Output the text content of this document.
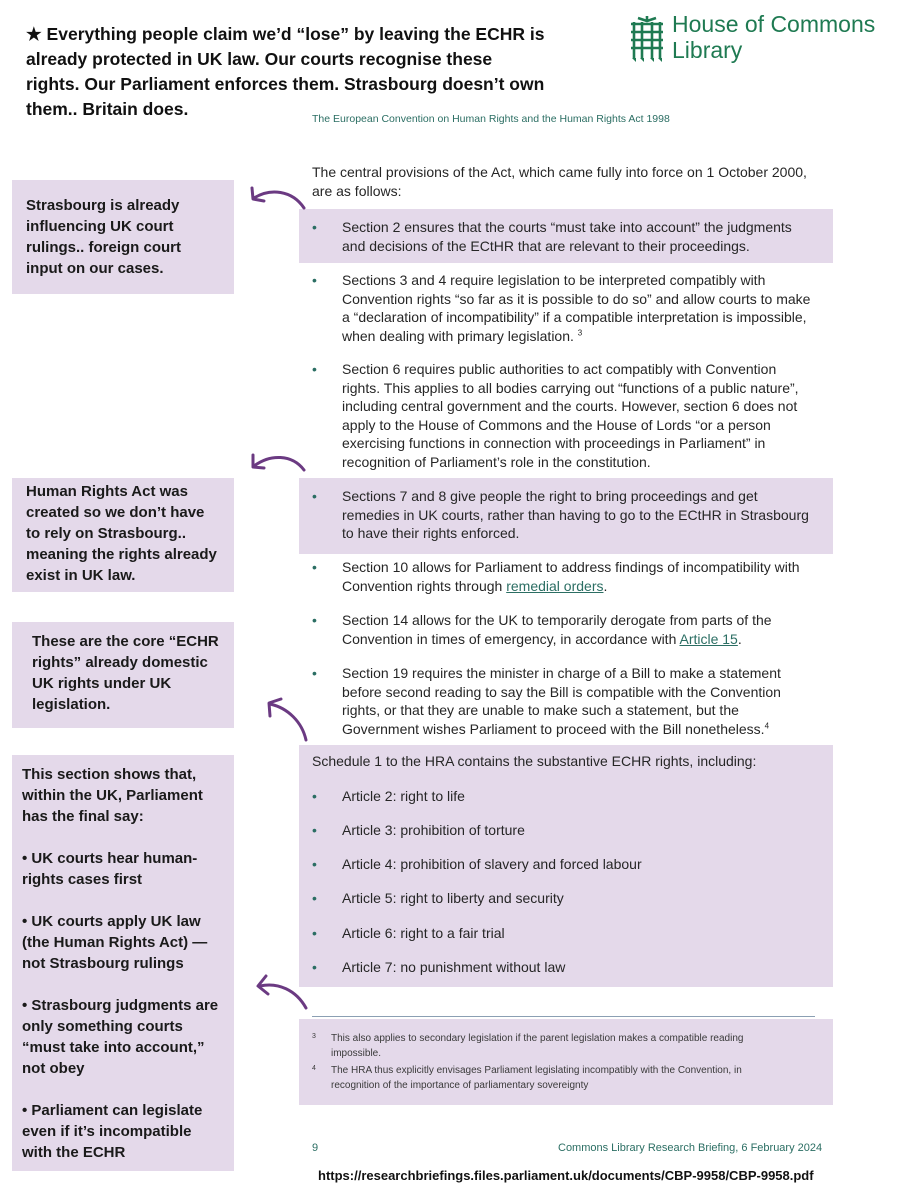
★ Everything people claim we’d “lose” by leaving the ECHR is already protected in UK law. Our courts recognise these rights. Our Parliament enforces them. Strasbourg doesn’t own them.. Britain does.
House of Commons
Library
The European Convention on Human Rights and the Human Rights Act 1998
The central provisions of the Act, which came fully into force on 1 October 2000, are as follows:
•	Section 2 ensures that the courts “must take into account” the judgments and decisions of the ECtHR that are relevant to their proceedings.
•	Sections 3 and 4 require legislation to be interpreted compatibly with Convention rights “so far as it is possible to do so” and allow courts to make a “declaration of incompatibility” if a compatible interpretation is impossible, when dealing with primary legislation. $^3$
•	Section 6 requires public authorities to act compatibly with Convention rights. This applies to all bodies carrying out “functions of a public nature”, including central government and the courts. However, section 6 does not apply to the House of Commons and the House of Lords “or a person exercising functions in connection with proceedings in Parliament” in recognition of Parliament’s role in the constitution.
•	Sections 7 and 8 give people the right to bring proceedings and get remedies in UK courts, rather than having to go to the ECtHR in Strasbourg to have their rights enforced.
•	Section 10 allows for Parliament to address findings of incompatibility with Convention rights through remedial orders.
•	Section 14 allows for the UK to temporarily derogate from parts of the Convention in times of emergency, in accordance with Article 15.
•	Section 19 requires the minister in charge of a Bill to make a statement before second reading to say the Bill is compatible with the Convention rights, or that they are unable to make such a statement, but the Government wishes Parliament to proceed with the Bill nonetheless.$^4$
Schedule 1 to the HRA contains the substantive ECHR rights, including:
• Article 2: right to life
• Article 3: prohibition of torture
• Article 4: prohibition of slavery and forced labour
• Article 5: right to liberty and security
• Article 6: right to a fair trial
• Article 7: no punishment without law
3	This also applies to secondary legislation if the parent legislation makes a compatible reading impossible.
4	The HRA thus explicitly envisages Parliament legislating incompatibly with the Convention, in recognition of the importance of parliamentary sovereignty
9	Commons Library Research Briefing, 6 February 2024
Strasbourg is already influencing UK court rulings.. foreign court input on our cases.
Human Rights Act was created so we don’t have to rely on Strasbourg.. meaning the rights already exist in UK law.
These are the core “ECHR rights” already domestic UK rights under UK legislation.
This section shows that, within the UK, Parliament has the final say:
• UK courts hear human-rights cases first
• UK courts apply UK law (the Human Rights Act) — not Strasbourg rulings
• Strasbourg judgments are only something courts “must take into account,” not obey
• Parliament can legislate even if it’s incompatible with the ECHR
https://researchbriefings.files.parliament.uk/documents/CBP-9958/CBP-9958.pdf
